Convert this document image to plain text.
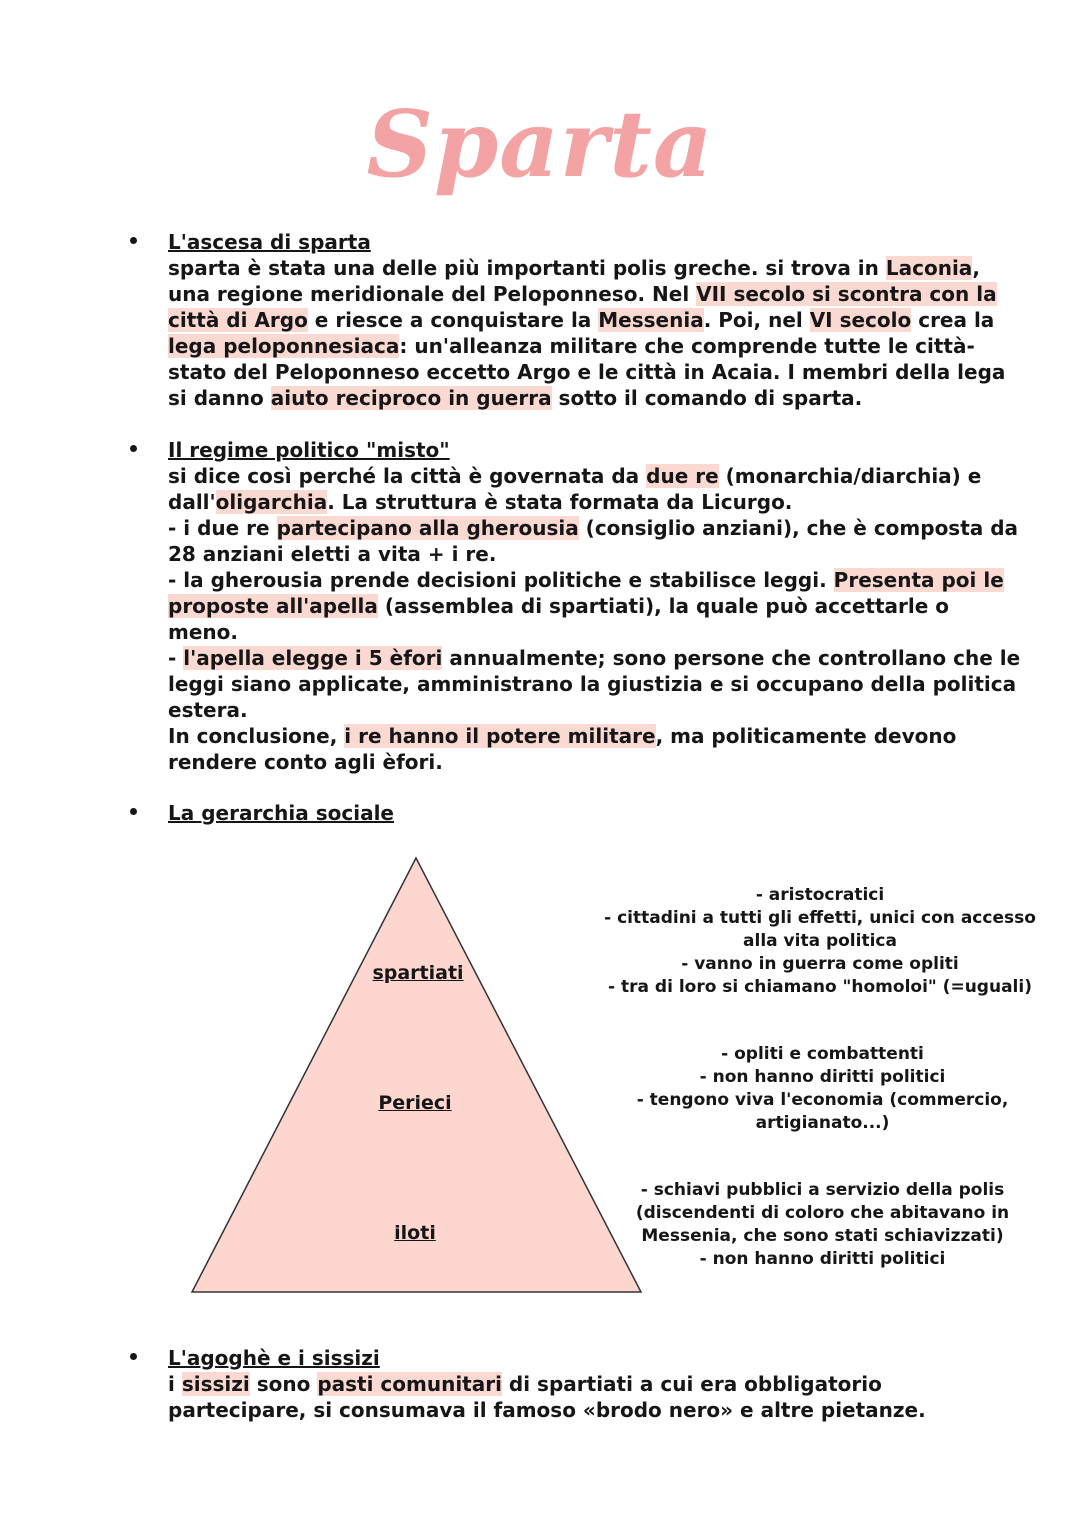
Sparta
L'ascesa di sparta
sparta è stata una delle più importanti polis greche. si trova in Laconia,
una regione meridionale del Peloponneso. Nel VII secolo si scontra con la
città di Argo e riesce a conquistare la Messenia. Poi, nel VI secolo crea la
lega peloponnesiaca: un'alleanza militare che comprende tutte le città-
stato del Peloponneso eccetto Argo e le città in Acaia. I membri della lega
si danno aiuto reciproco in guerra sotto il comando di sparta.
Il regime politico "misto"
si dice così perché la città è governata da due re (monarchia/diarchia) e
dall'oligarchia. La struttura è stata formata da Licurgo.
- i due re partecipano alla gherousia (consiglio anziani), che è composta da
28 anziani eletti a vita + i re.
- la gherousia prende decisioni politiche e stabilisce leggi. Presenta poi le
proposte all'apella (assemblea di spartiati), la quale può accettarle o
meno.
- l'apella elegge i 5 èfori annualmente; sono persone che controllano che le
leggi siano applicate, amministrano la giustizia e si occupano della politica
estera.
In conclusione, i re hanno il potere militare, ma politicamente devono
rendere conto agli èfori.
La gerarchia sociale
spartiati
Perieci
iloti
- aristocratici
- cittadini a tutti gli effetti, unici con accesso
alla vita politica
- vanno in guerra come opliti
- tra di loro si chiamano "homoloi" (=uguali)
- opliti e combattenti
- non hanno diritti politici
- tengono viva l'economia (commercio,
artigianato...)
- schiavi pubblici a servizio della polis
(discendenti di coloro che abitavano in
Messenia, che sono stati schiavizzati)
- non hanno diritti politici
L'agoghè e i sissizi
i sissizi sono pasti comunitari di spartiati a cui era obbligatorio
partecipare, si consumava il famoso «brodo nero» e altre pietanze.
